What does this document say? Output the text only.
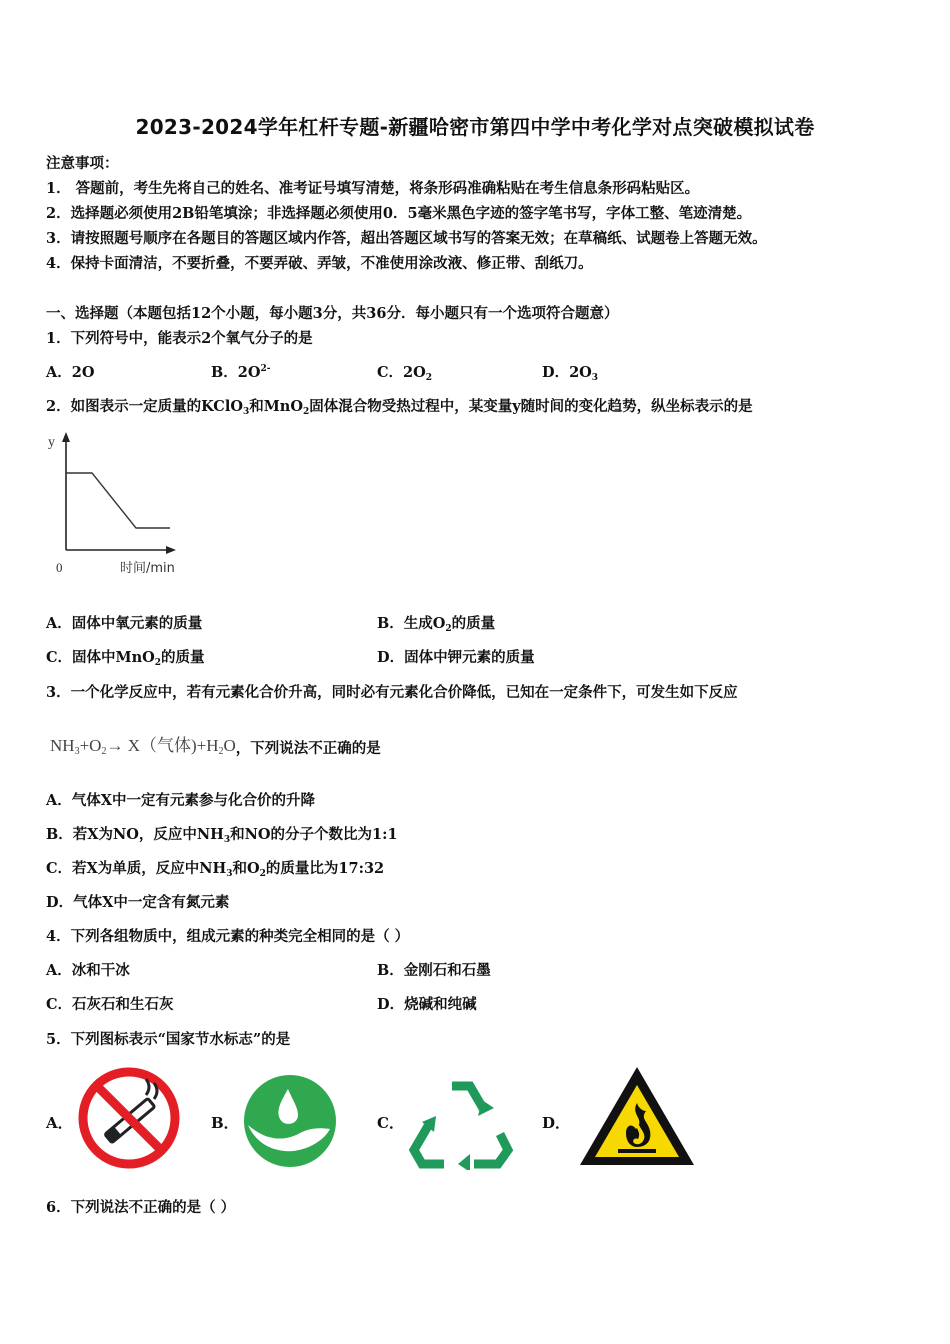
2023-2024学年杠杆专题-新疆哈密市第四中学中考化学对点突破模拟试卷
注意事项：
1． 答题前，考生先将自己的姓名、准考证号填写清楚，将条形码准确粘贴在考生信息条形码粘贴区。
2．选择题必须使用2B铅笔填涂；非选择题必须使用0．5毫米黑色字迹的签字笔书写，字体工整、笔迹清楚。
3．请按照题号顺序在各题目的答题区域内作答，超出答题区域书写的答案无效；在草稿纸、试题卷上答题无效。
4．保持卡面清洁，不要折叠，不要弄破、弄皱，不准使用涂改液、修正带、刮纸刀。
一、选择题（本题包括12个小题，每小题3分，共36分．每小题只有一个选项符合题意）
1．下列符号中，能表示2个氧气分子的是
A．2O	B．$2O^{2-}$	C．$2O_2$	D．$2O_3$
2．如图表示一定质量的KClO$_3$和MnO$_2$固体混合物受热过程中，某变量y随时间的变化趋势，纵坐标表示的是
y
0	时间/min
A．固体中氧元素的质量	B．生成$O_2$的质量
C．固体中MnO$_2$的质量	D．固体中钾元素的质量
3．一个化学反应中，若有元素化合价升高，同时必有元素化合价降低，已知在一定条件下，可发生如下反应
$NH_3+O_2\to X$（气体)$+H_2O$，下列说法不正确的是
A．气体X中一定有元素参与化合价的升降
B．若X为NO，反应中$NH_3$和NO的分子个数比为1:1
C．若X为单质，反应中$NH_3$和$O_2$的质量比为17:32
D．气体X中一定含有氮元素
4．下列各组物质中，组成元素的种类完全相同的是（ ）
A．冰和干冰	B．金刚石和石墨
C．石灰石和生石灰	D．烧碱和纯碱
5．下列图标表示“国家节水标志”的是
A．	B．	C．	D．
6．下列说法不正确的是（ ）
